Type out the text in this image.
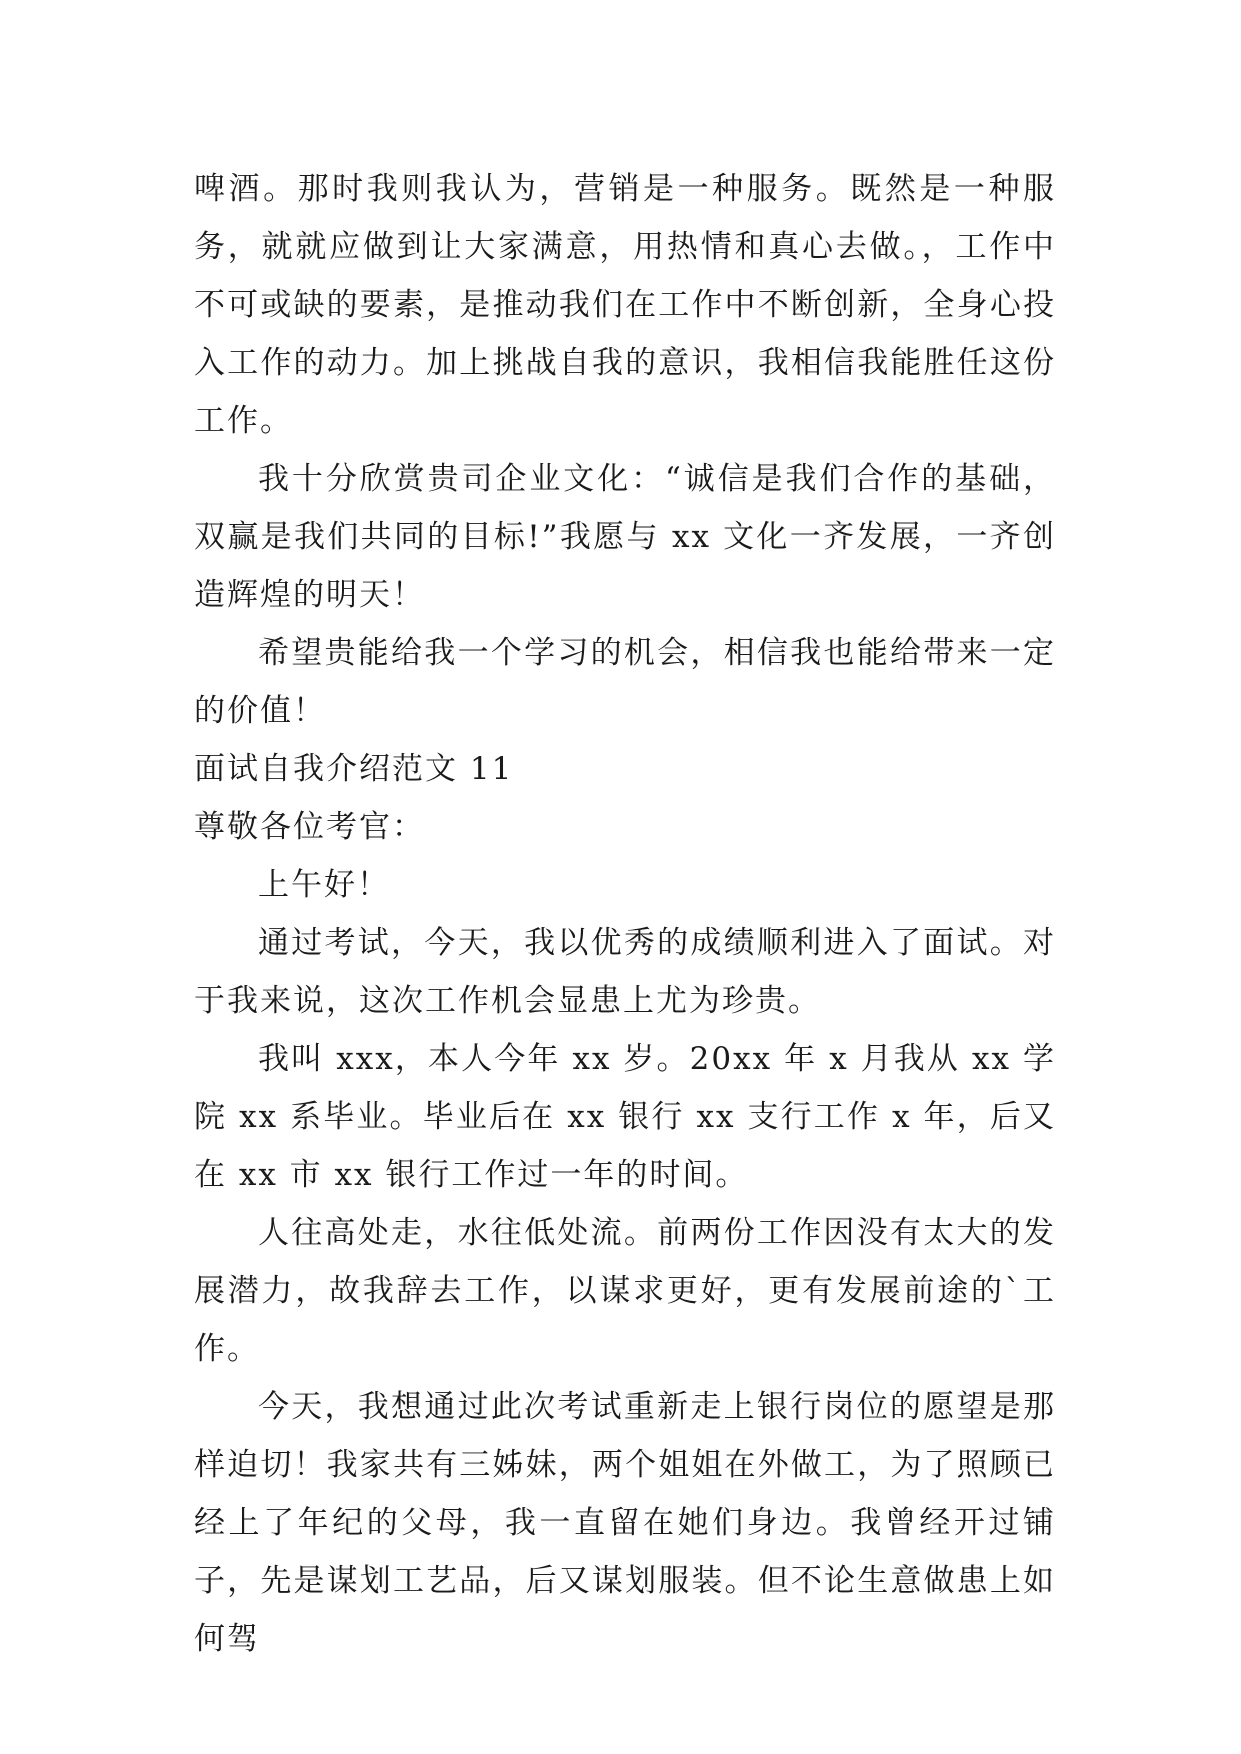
啤酒。那时我则我认为，营销是一种服务。既然是一种服务，就就应做到让大家满意，用热情和真心去做。，工作中不可或缺的要素，是推动我们在工作中不断创新，全身心投入工作的动力。加上挑战自我的意识，我相信我能胜任这份工作。

我十分欣赏贵司企业文化：“诚信是我们合作的基础，双赢是我们共同的目标!”我愿与 xx 文化一齐发展，一齐创造辉煌的明天！

希望贵能给我一个学习的机会，相信我也能给带来一定的价值！

面试自我介绍范文 11

尊敬各位考官：

上午好！

通过考试，今天，我以优秀的成绩顺利进入了面试。对于我来说，这次工作机会显患上尤为珍贵。

我叫 xxx，本人今年 xx 岁。20xx 年 x 月我从 xx 学院 xx 系毕业。毕业后在 xx 银行 xx 支行工作 x 年，后又在 xx 市 xx 银行工作过一年的时间。

人往高处走，水往低处流。前两份工作因没有太大的发展潜力，故我辞去工作，以谋求更好，更有发展前途的`工作。

今天，我想通过此次考试重新走上银行岗位的愿望是那样迫切！我家共有三姊妹，两个姐姐在外做工，为了照顾已经上了年纪的父母，我一直留在她们身边。我曾经开过铺子，先是谋划工艺品，后又谋划服装。但不论生意做患上如何驾
